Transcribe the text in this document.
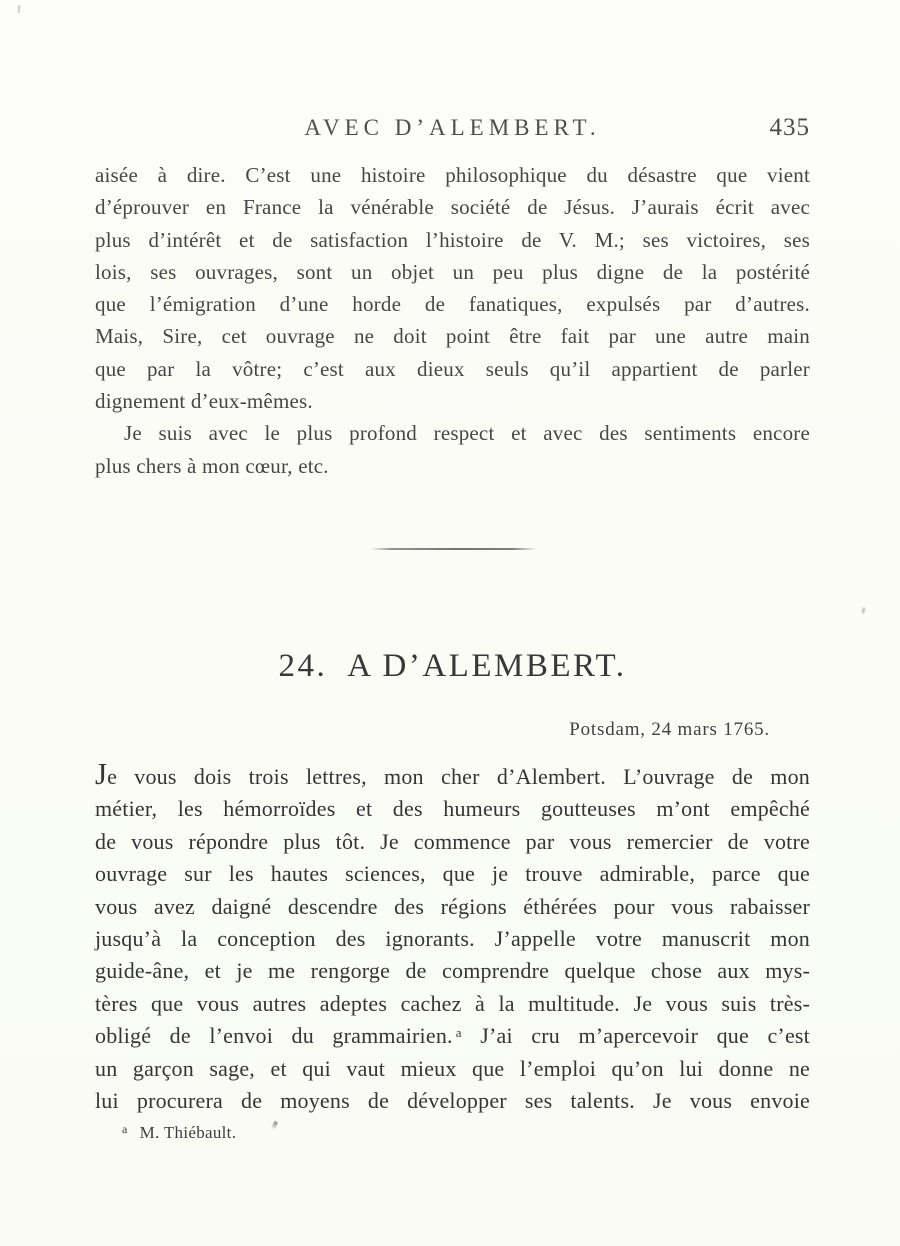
AVEC D’ALEMBERT.	435
aisée à dire. C’est une histoire philosophique du désastre que vient
d’éprouver en France la vénérable société de Jésus. J’aurais écrit avec
plus d’intérêt et de satisfaction l’histoire de V. M.; ses victoires, ses
lois, ses ouvrages, sont un objet un peu plus digne de la postérité
que l’émigration d’une horde de fanatiques, expulsés par d’autres.
Mais, Sire, cet ouvrage ne doit point être fait par une autre main
que par la vôtre; c’est aux dieux seuls qu’il appartient de parler
dignement d’eux-mêmes.
Je suis avec le plus profond respect et avec des sentiments encore
plus chers à mon cœur, etc.
24. A D’ALEMBERT.
Potsdam, 24 mars 1765.
Je vous dois trois lettres, mon cher d’Alembert. L’ouvrage de mon
métier, les hémorroïdes et des humeurs goutteuses m’ont empêché
de vous répondre plus tôt. Je commence par vous remercier de votre
ouvrage sur les hautes sciences, que je trouve admirable, parce que
vous avez daigné descendre des régions éthérées pour vous rabaisser
jusqu’à la conception des ignorants. J’appelle votre manuscrit mon
guide-âne, et je me rengorge de comprendre quelque chose aux mys-
tères que vous autres adeptes cachez à la multitude. Je vous suis très-
obligé de l’envoi du grammairien. $^a$ J’ai cru m’apercevoir que c’est
un garçon sage, et qui vaut mieux que l’emploi qu’on lui donne ne
lui procurera de moyens de développer ses talents. Je vous envoie
$^a$ M. Thiébault.
